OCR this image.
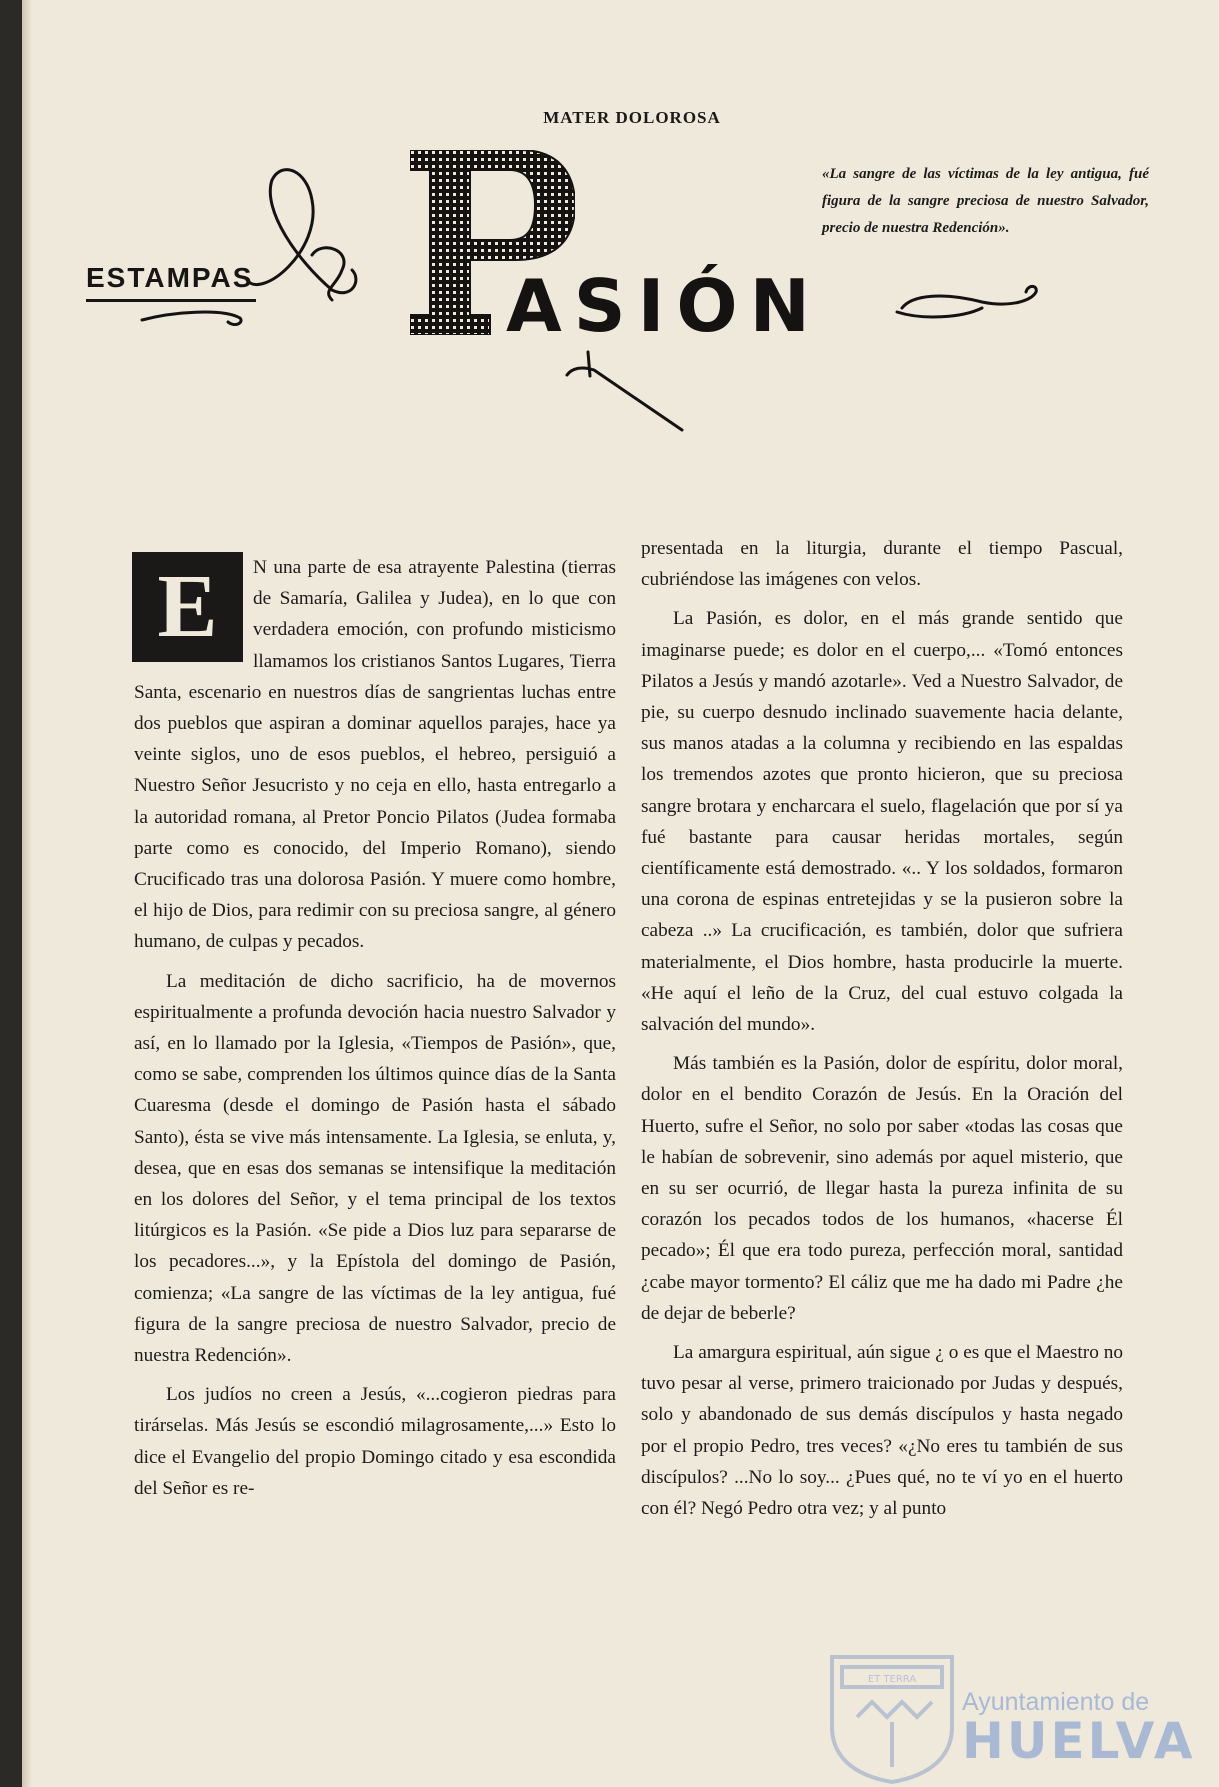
MATER DOLOROSA
ESTAMPAS	ASIÓN
«La sangre de las víctimas de la ley antigua, fué figura de la sangre preciosa de nuestro Salvador, precio de nuestra Redención».

E	N una parte de esa atrayente Palestina (tierras de Samaría, Galilea y Judea), en lo que con verdadera emoción, con profundo misticismo llamamos los cristianos Santos Lugares, Tierra Santa, escenario en nuestros días de sangrientas luchas entre dos pueblos que aspiran a dominar aquellos parajes, hace ya veinte siglos, uno de esos pueblos, el hebreo, persiguió a Nuestro Señor Jesucristo y no ceja en ello, hasta entregarlo a la autoridad romana, al Pretor Poncio Pilatos (Judea formaba parte como es conocido, del Imperio Romano), siendo Crucificado tras una dolorosa Pasión. Y muere como hombre, el hijo de Dios, para redimir con su preciosa sangre, al género humano, de culpas y pecados.

La meditación de dicho sacrificio, ha de movernos espiritualmente a profunda devoción hacia nuestro Salvador y así, en lo llamado por la Iglesia, «Tiempos de Pasión», que, como se sabe, comprenden los últimos quince días de la Santa Cuaresma (desde el domingo de Pasión hasta el sábado Santo), ésta se vive más intensamente. La Iglesia, se enluta, y, desea, que en esas dos semanas se intensifique la meditación en los dolores del Señor, y el tema principal de los textos litúrgicos es la Pasión. «Se pide a Dios luz para separarse de los pecadores...», y la Epístola del domingo de Pasión, comienza; «La sangre de las víctimas de la ley antigua, fué figura de la sangre preciosa de nuestro Salvador, precio de nuestra Redención».

Los judíos no creen a Jesús, «...cogieron piedras para tirárselas. Más Jesús se escondió milagrosamente,...» Esto lo dice el Evangelio del propio Domingo citado y esa escondida del Señor es re-

presentada en la liturgia, durante el tiempo Pascual, cubriéndose las imágenes con velos.

La Pasión, es dolor, en el más grande sentido que imaginarse puede; es dolor en el cuerpo,... «Tomó entonces Pilatos a Jesús y mandó azotarle». Ved a Nuestro Salvador, de pie, su cuerpo desnudo inclinado suavemente hacia delante, sus manos atadas a la columna y recibiendo en las espaldas los tremendos azotes que pronto hicieron, que su preciosa sangre brotara y encharcara el suelo, flagelación que por sí ya fué bastante para causar heridas mortales, según científicamente está demostrado. «.. Y los soldados, formaron una corona de espinas entretejidas y se la pusieron sobre la cabeza ..» La crucificación, es también, dolor que sufriera materialmente, el Dios hombre, hasta producirle la muerte. «He aquí el leño de la Cruz, del cual estuvo colgada la salvación del mundo».

Más también es la Pasión, dolor de espíritu, dolor moral, dolor en el bendito Corazón de Jesús. En la Oración del Huerto, sufre el Señor, no solo por saber «todas las cosas que le habían de sobrevenir, sino además por aquel misterio, que en su ser ocurrió, de llegar hasta la pureza infinita de su corazón los pecados todos de los humanos, «hacerse Él pecado»; Él que era todo pureza, perfección moral, santidad ¿cabe mayor tormento? El cáliz que me ha dado mi Padre ¿he de dejar de beberle?

La amargura espiritual, aún sigue ¿ o es que el Maestro no tuvo pesar al verse, primero traicionado por Judas y después, solo y abandonado de sus demás discípulos y hasta negado por el propio Pedro, tres veces? «¿No eres tu también de sus discípulos? ...No lo soy... ¿Pues qué, no te ví yo en el huerto con él? Negó Pedro otra vez; y al punto

ET TERRA
Ayuntamiento de
HUELVA
